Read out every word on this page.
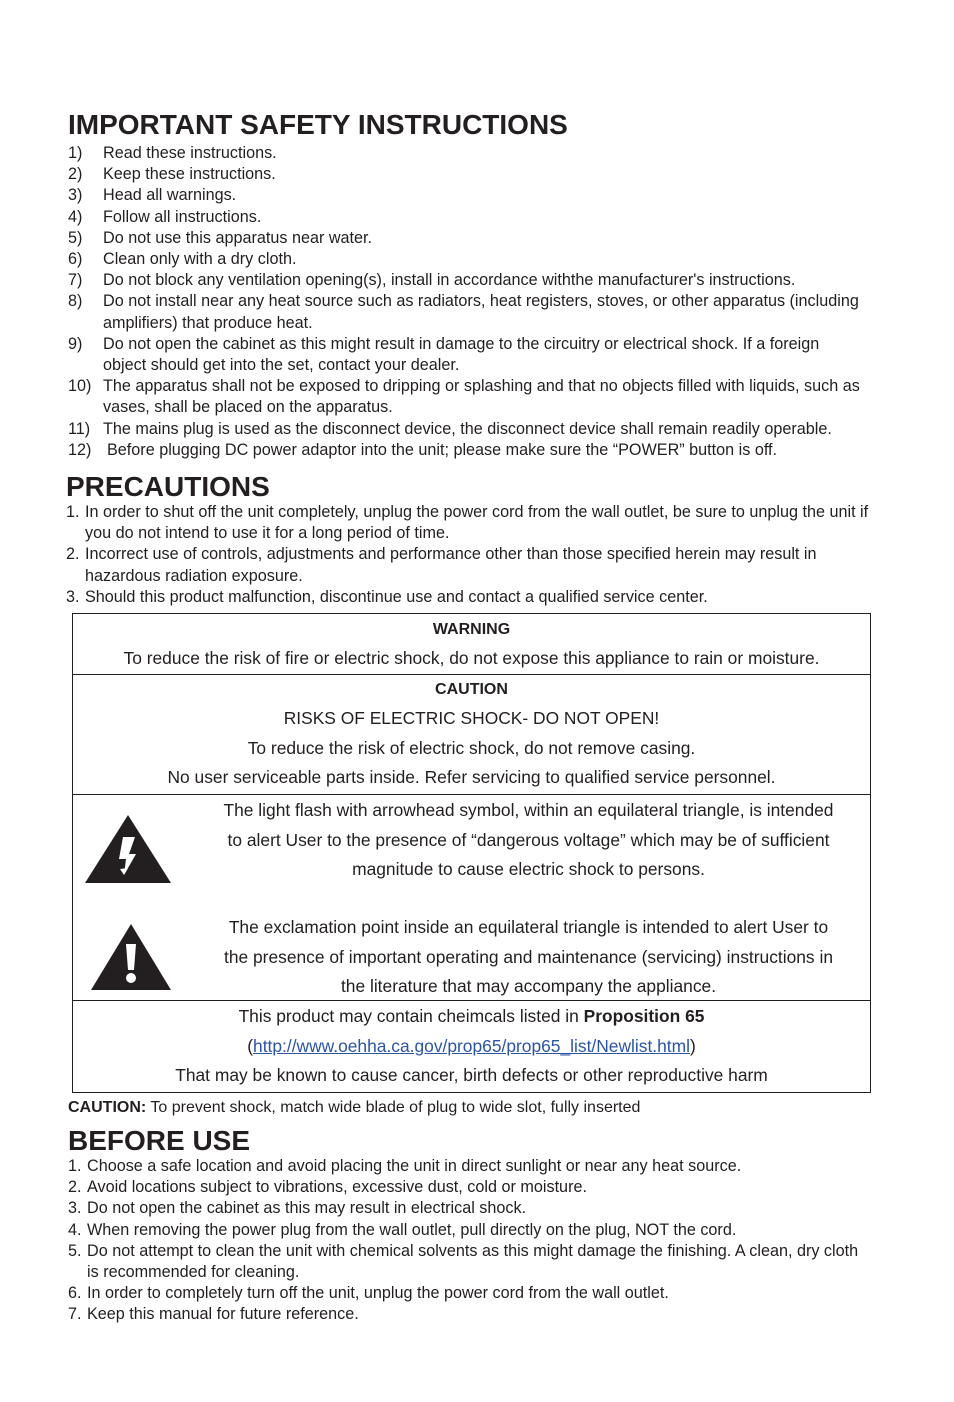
IMPORTANT SAFETY INSTRUCTIONS
1) Read these instructions.
2) Keep these instructions.
3) Head all warnings.
4) Follow all instructions.
5) Do not use this apparatus near water.
6) Clean only with a dry cloth.
7) Do not block any ventilation opening(s), install in accordance withthe manufacturer's instructions.
8) Do not install near any heat source such as radiators, heat registers, stoves, or other apparatus (including amplifiers) that produce heat.
9) Do not open the cabinet as this might result in damage to the circuitry or electrical shock. If a foreign object should get into the set, contact your dealer.
10) The apparatus shall not be exposed to dripping or splashing and that no objects filled with liquids, such as vases, shall be placed on the apparatus.
11) The mains plug is used as the disconnect device, the disconnect device shall remain readily operable.
12) Before plugging DC power adaptor into the unit; please make sure the “POWER” button is off.
PRECAUTIONS
1. In order to shut off the unit completely, unplug the power cord from the wall outlet, be sure to unplug the unit if you do not intend to use it for a long period of time.
2. Incorrect use of controls, adjustments and performance other than those specified herein may result in hazardous radiation exposure.
3. Should this product malfunction, discontinue use and contact a qualified service center.
WARNING
To reduce the risk of fire or electric shock, do not expose this appliance to rain or moisture.

CAUTION
RISKS OF ELECTRIC SHOCK- DO NOT OPEN!
To reduce the risk of electric shock, do not remove casing.
No user serviceable parts inside. Refer servicing to qualified service personnel.

The light flash with arrowhead symbol, within an equilateral triangle, is intended
to alert User to the presence of “dangerous voltage” which may be of sufficient
magnitude to cause electric shock to persons.
The exclamation point inside an equilateral triangle is intended to alert User to
the presence of important operating and maintenance (servicing) instructions in
the literature that may accompany the appliance.

This product may contain cheimcals listed in Proposition 65
(http://www.oehha.ca.gov/prop65/prop65_list/Newlist.html)
That may be known to cause cancer, birth defects or other reproductive harm
CAUTION: To prevent shock, match wide blade of plug to wide slot, fully inserted
BEFORE USE
1. Choose a safe location and avoid placing the unit in direct sunlight or near any heat source.
2. Avoid locations subject to vibrations, excessive dust, cold or moisture.
3. Do not open the cabinet as this may result in electrical shock.
4. When removing the power plug from the wall outlet, pull directly on the plug, NOT the cord.
5. Do not attempt to clean the unit with chemical solvents as this might damage the finishing. A clean, dry cloth is recommended for cleaning.
6. In order to completely turn off the unit, unplug the power cord from the wall outlet.
7. Keep this manual for future reference.
